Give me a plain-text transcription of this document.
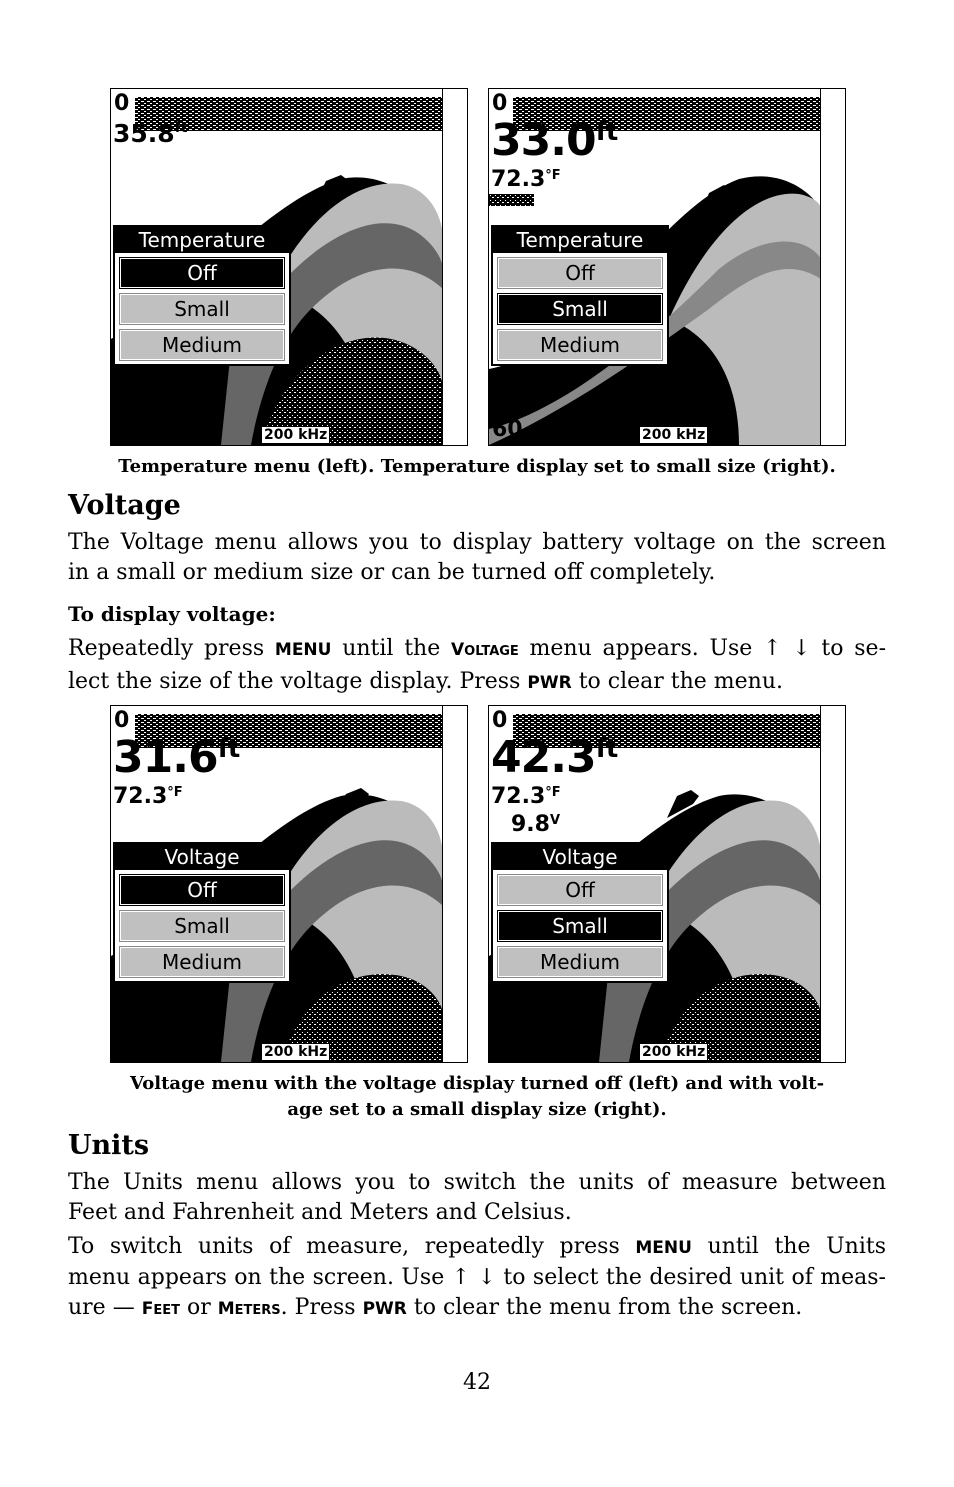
0
$35.8^{ft}$
Temperature
Off
Small
Medium
60	200 kHz
0
$33.0^{ft}$
$72.3^{^\circ F}$
Temperature
Off
Small
Medium
60	200 kHz
Temperature menu (left). Temperature display set to small size (right).
Voltage
The Voltage menu allows you to display battery voltage on the screen
in a small or medium size or can be turned off completely.
To display voltage:
Repeatedly press MENU until the VOLTAGE menu appears. Use ↑ ↓ to se-
lect the size of the voltage display. Press PWR to clear the menu.
0
$31.6^{ft}$
$72.3^{^\circ F}$
Voltage
Off
Small
Medium
60	200 kHz
0
$42.3^{ft}$
$72.3^{^\circ F}$
$9.8^V$
Voltage
Off
Small
Medium
60	200 kHz
Voltage menu with the voltage display turned off (left) and with volt-
age set to a small display size (right).
Units
The Units menu allows you to switch the units of measure between
Feet and Fahrenheit and Meters and Celsius.
To switch units of measure, repeatedly press MENU until the Units
menu appears on the screen. Use ↑ ↓ to select the desired unit of meas-
ure — FEET or METERS. Press PWR to clear the menu from the screen.
42
